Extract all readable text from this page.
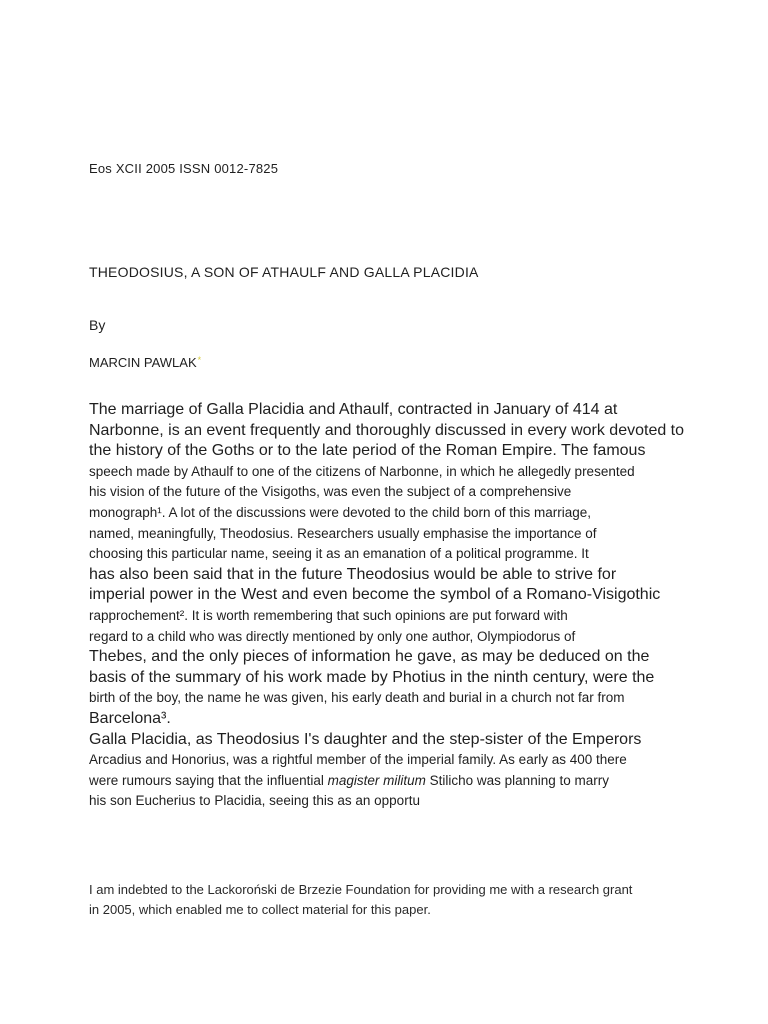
Eos XCII 2005 ISSN 0012-7825
THEODOSIUS, A SON OF ATHAULF AND GALLA PLACIDIA
By
MARCIN PAWLAK*

The marriage of Galla Placidia and Athaulf, contracted in January of 414 at
Narbonne, is an event frequently and thoroughly discussed in every work devoted to
the history of the Goths or to the late period of the Roman Empire. The famous
speech made by Athaulf to one of the citizens of Narbonne, in which he allegedly presented
his vision of the future of the Visigoths, was even the subject of a comprehensive
monograph¹. A lot of the discussions were devoted to the child born of this marriage,
named, meaningfully, Theodosius. Researchers usually emphasise the importance of
choosing this particular name, seeing it as an emanation of a political programme. It
has also been said that in the future Theodosius would be able to strive for
imperial power in the West and even become the symbol of a Romano-Visigothic
rapprochement². It is worth remembering that such opinions are put forward with
regard to a child who was directly mentioned by only one author, Olympiodorus of
Thebes, and the only pieces of information he gave, as may be deduced on the
basis of the summary of his work made by Photius in the ninth century, were the
birth of the boy, the name he was given, his early death and burial in a church not far from
Barcelona³.

Galla Placidia, as Theodosius I's daughter and the step-sister of the Emperors
Arcadius and Honorius, was a rightful member of the imperial family. As early as 400 there
were rumours saying that the influential magister militum Stilicho was planning to marry
his son Eucherius to Placidia, seeing this as an opportu

I am indebted to the Lackoroński de Brzezie Foundation for providing me with a research grant
in 2005, which enabled me to collect material for this paper.
